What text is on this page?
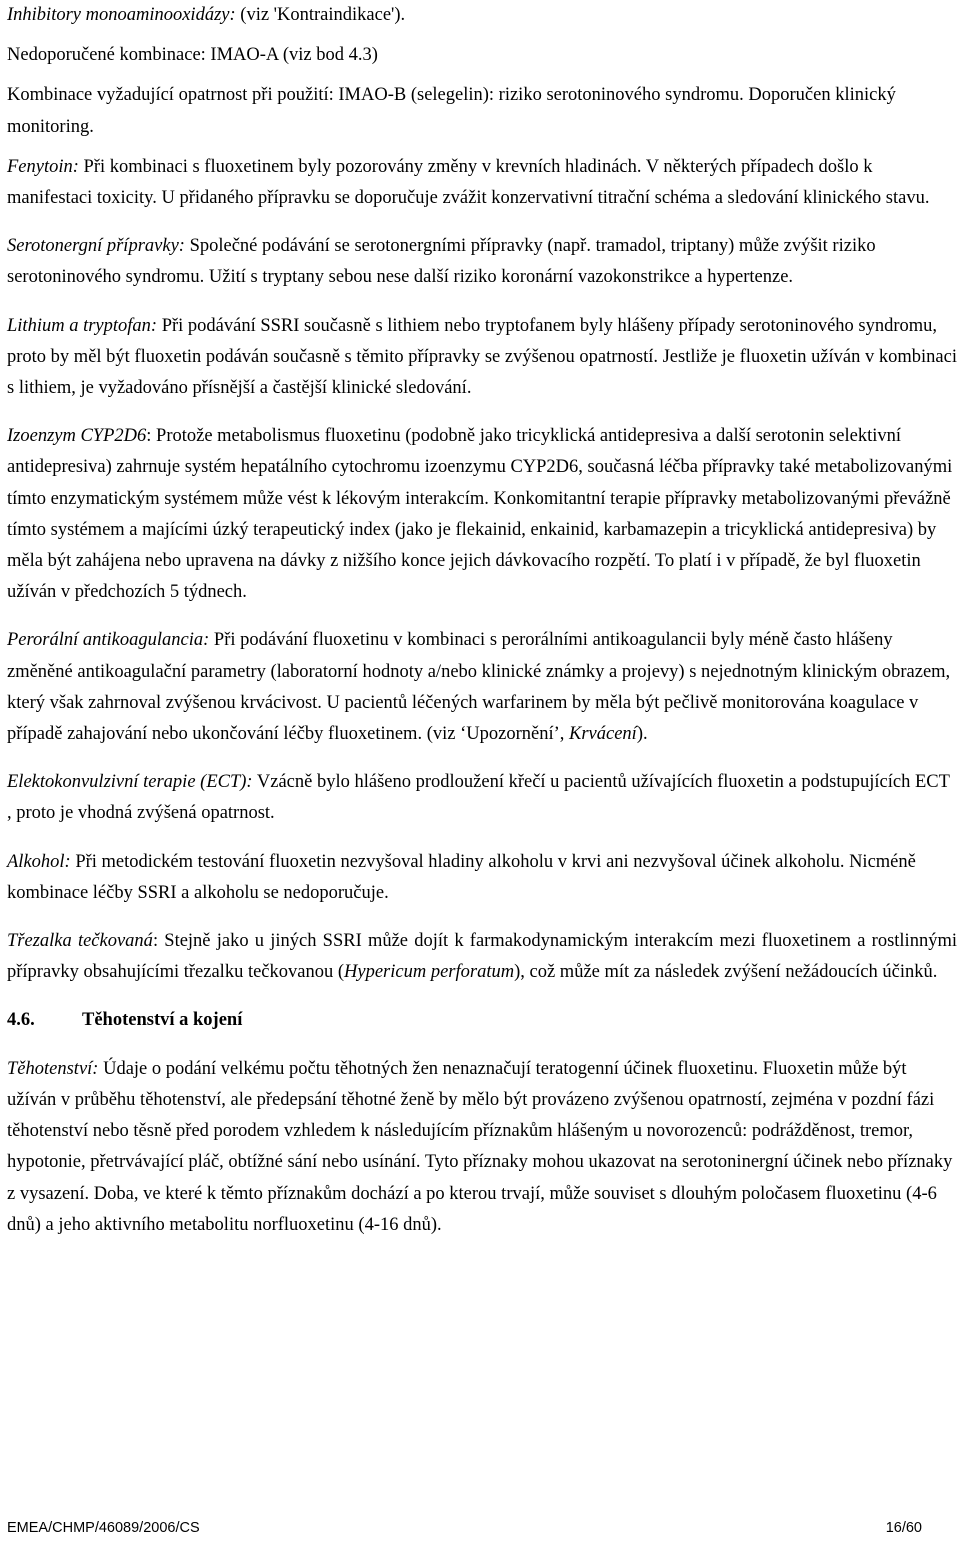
Inhibitory monoaminooxidázy: (viz 'Kontraindikace').

Nedoporučené kombinace: IMAO-A (viz bod 4.3)

Kombinace vyžadující opatrnost při použití: IMAO-B (selegelin): riziko serotoninového syndromu. Doporučen klinický monitoring.

Fenytoin: Při kombinaci s fluoxetinem byly pozorovány změny v krevních hladinách. V některých případech došlo k manifestaci toxicity. U přidaného přípravku se doporučuje zvážit konzervativní titrační schéma a sledování klinického stavu.

Serotonergní přípravky: Společné podávání se serotonergními přípravky (např. tramadol, triptany) může zvýšit riziko serotoninového syndromu. Užití s tryptany sebou nese další riziko koronární vazokonstrikce a hypertenze.

Lithium a tryptofan: Při podávání SSRI současně s lithiem nebo tryptofanem byly hlášeny případy serotoninového syndromu, proto by měl být fluoxetin podáván současně s těmito přípravky se zvýšenou opatrností. Jestliže je fluoxetin užíván v kombinaci s lithiem, je vyžadováno přísnější a častější klinické sledování.

Izoenzym CYP2D6: Protože metabolismus fluoxetinu (podobně jako tricyklická antidepresiva a další serotonin selektivní antidepresiva) zahrnuje systém hepatálního cytochromu izoenzymu CYP2D6, současná léčba přípravky také metabolizovanými tímto enzymatickým systémem může vést k lékovým interakcím. Konkomitantní terapie přípravky metabolizovanými převážně tímto systémem a majícími úzký terapeutický index (jako je flekainid, enkainid, karbamazepin a tricyklická antidepresiva) by měla být zahájena nebo upravena na dávky z nižšího konce jejich dávkovacího rozpětí. To platí i v případě, že byl fluoxetin užíván v předchozích 5 týdnech.

Perorální antikoagulancia: Při podávání fluoxetinu v kombinaci s perorálními antikoagulancii byly méně často hlášeny změněné antikoagulační parametry (laboratorní hodnoty a/nebo klinické známky a projevy) s nejednotným klinickým obrazem, který však zahrnoval zvýšenou krvácivost. U pacientů léčených warfarinem by měla být pečlivě monitorována koagulace v případě zahajování nebo ukončování léčby fluoxetinem. (viz ‘Upozornění’, Krvácení).

Elektokonvulzivní terapie (ECT): Vzácně bylo hlášeno prodloužení křečí u pacientů užívajících fluoxetin a podstupujících ECT , proto je vhodná zvýšená opatrnost.

Alkohol: Při metodickém testování fluoxetin nezvyšoval hladiny alkoholu v krvi ani nezvyšoval účinek alkoholu. Nicméně kombinace léčby SSRI a alkoholu se nedoporučuje.

Třezalka tečkovaná: Stejně jako u jiných SSRI může dojít k farmakodynamickým interakcím mezi fluoxetinem a rostlinnými přípravky obsahujícími třezalku tečkovanou (Hypericum perforatum), což může mít za následek zvýšení nežádoucích účinků.

4.6.	Těhotenství a kojení

Těhotenství: Údaje o podání velkému počtu těhotných žen nenaznačují teratogenní účinek fluoxetinu. Fluoxetin může být užíván v průběhu těhotenství, ale předepsání těhotné ženě by mělo být provázeno zvýšenou opatrností, zejména v pozdní fázi těhotenství nebo těsně před porodem vzhledem k následujícím příznakům hlášeným u novorozenců: podrážděnost, tremor, hypotonie, přetrvávající pláč, obtížné sání nebo usínání. Tyto příznaky mohou ukazovat na serotoninergní účinek nebo příznaky z vysazení. Doba, ve které k těmto příznakům dochází a po kterou trvají, může souviset s dlouhým poločasem fluoxetinu (4-6 dnů) a jeho aktivního metabolitu norfluoxetinu (4-16 dnů).

EMEA/CHMP/46089/2006/CS	16/60
